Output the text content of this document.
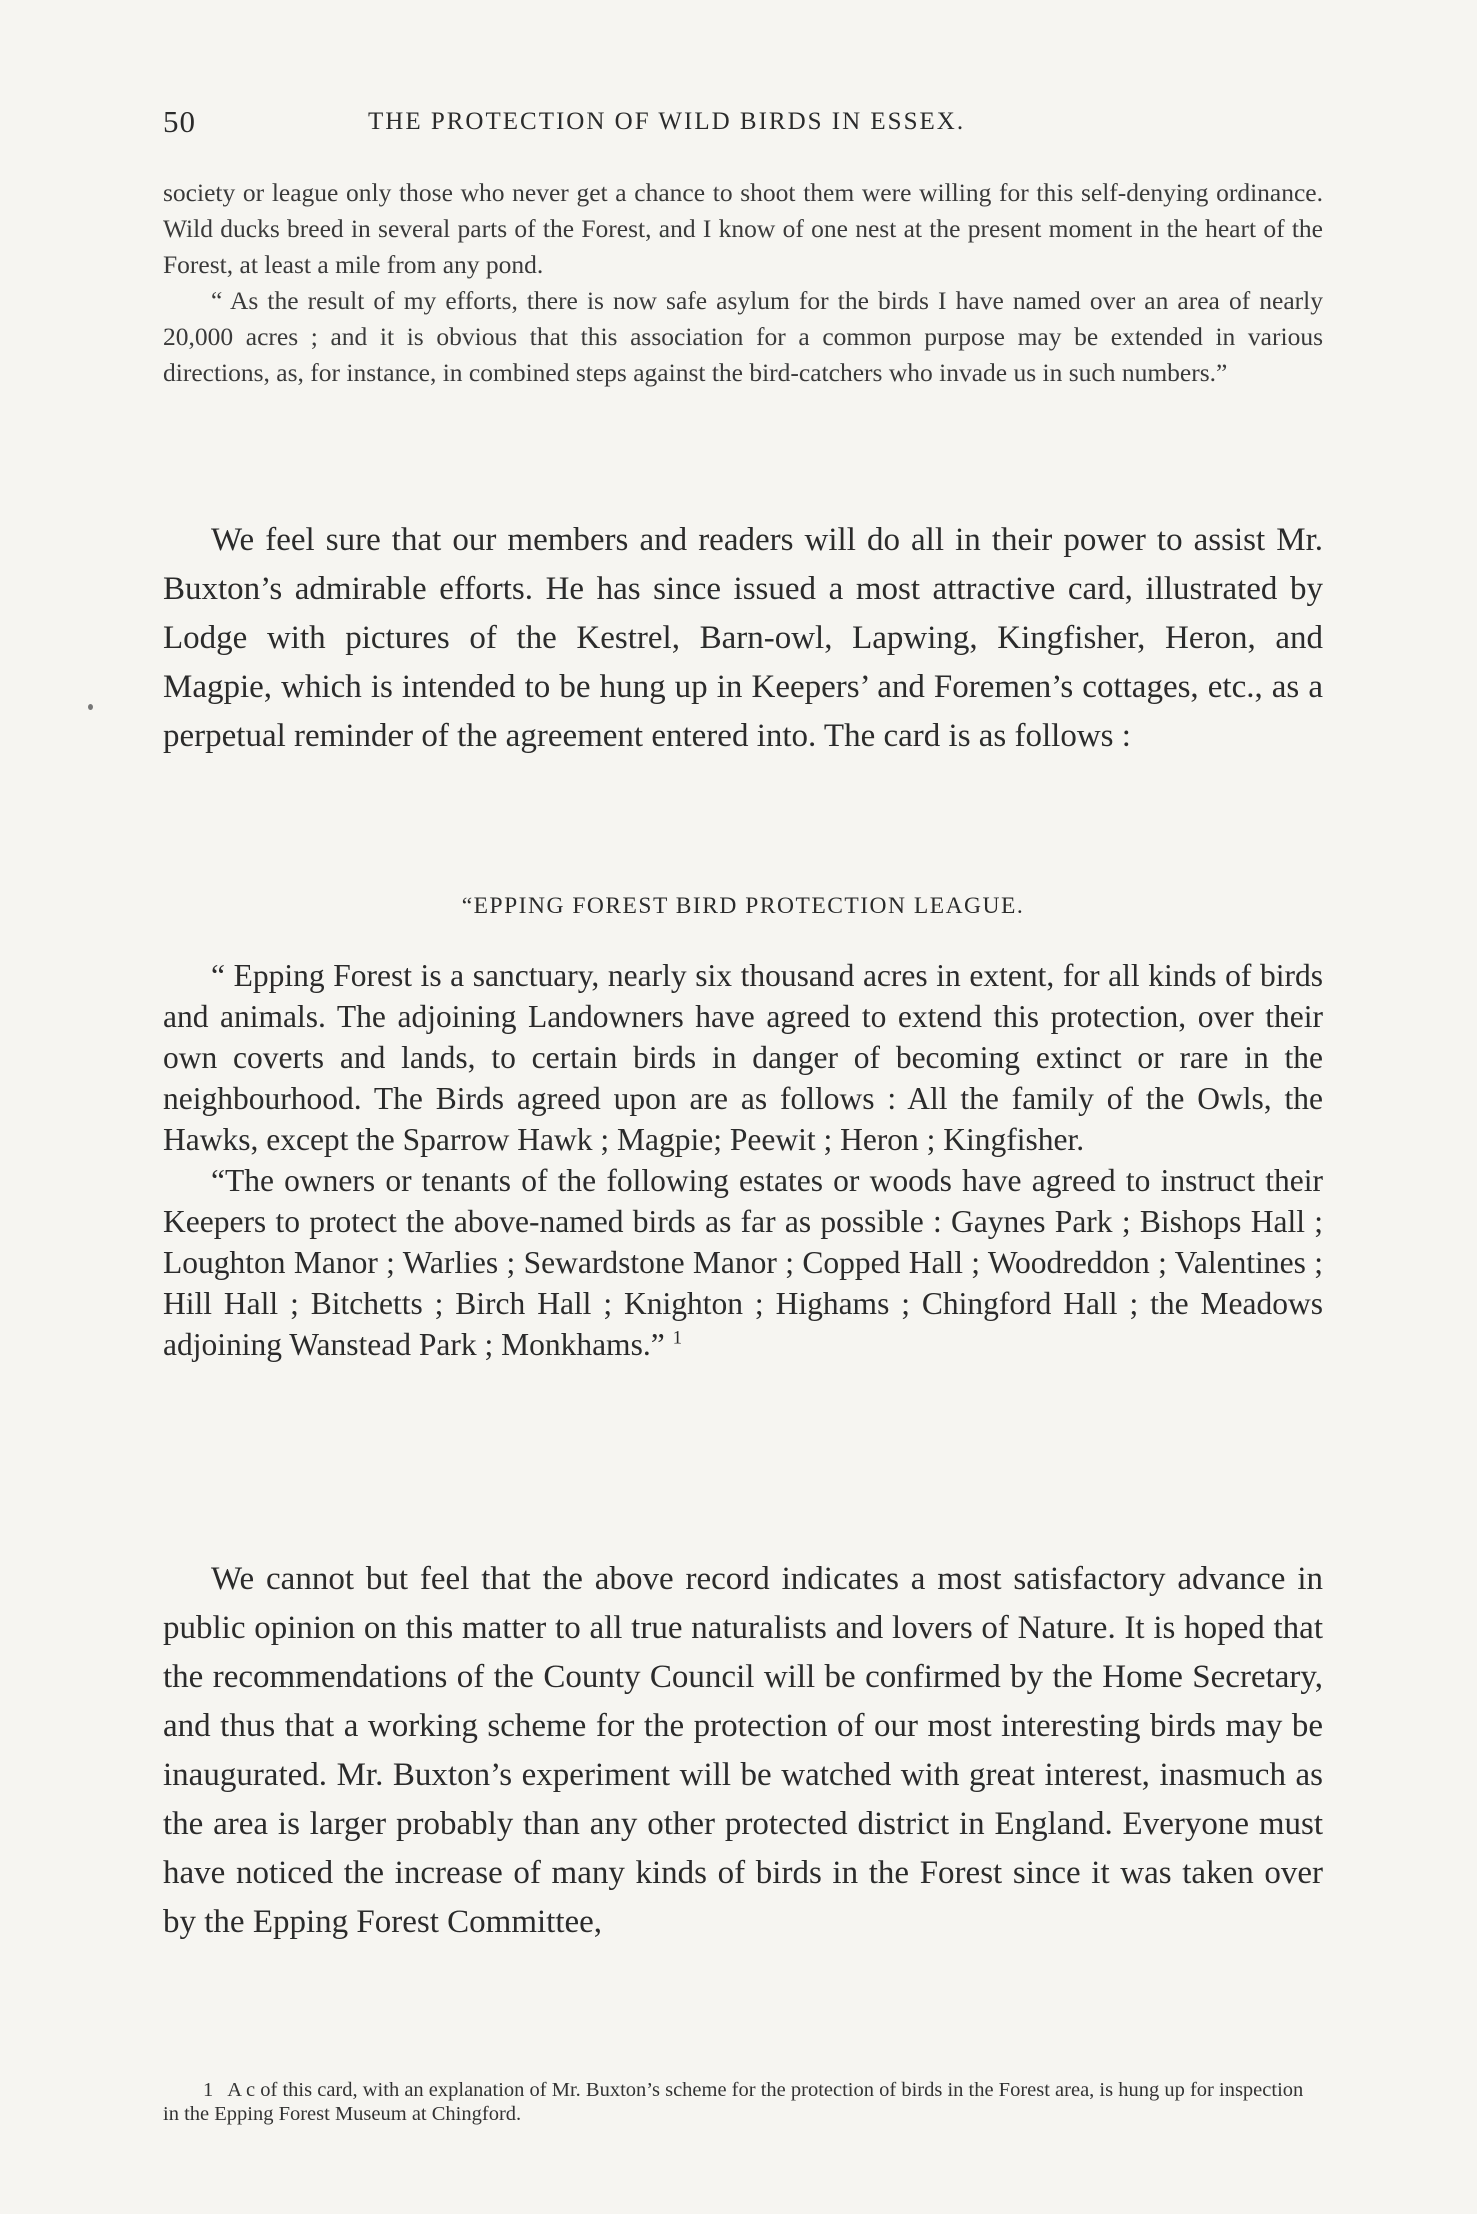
50	THE PROTECTION OF WILD BIRDS IN ESSEX.

society or league only those who never get a chance to shoot them were willing for this self-denying ordinance. Wild ducks breed in several parts of the Forest, and I know of one nest at the present moment in the heart of the Forest, at least a mile from any pond.

“ As the result of my efforts, there is now safe asylum for the birds I have named over an area of nearly 20,000 acres ; and it is obvious that this association for a common purpose may be extended in various directions, as, for instance, in combined steps against the bird-catchers who invade us in such numbers.”

We feel sure that our members and readers will do all in their power to assist Mr. Buxton’s admirable efforts. He has since issued a most attractive card, illustrated by Lodge with pictures of the Kestrel, Barn-owl, Lapwing, Kingfisher, Heron, and Magpie, which is intended to be hung up in Keepers’ and Foremen’s cottages, etc., as a perpetual reminder of the agreement entered into. The card is as follows :

“EPPING FOREST BIRD PROTECTION LEAGUE.

“ Epping Forest is a sanctuary, nearly six thousand acres in extent, for all kinds of birds and animals. The adjoining Landowners have agreed to extend this protection, over their own coverts and lands, to certain birds in danger of becoming extinct or rare in the neighbourhood. The Birds agreed upon are as follows : All the family of the Owls, the Hawks, except the Sparrow Hawk ; Magpie; Peewit ; Heron ; Kingfisher.

“The owners or tenants of the following estates or woods have agreed to instruct their Keepers to protect the above-named birds as far as possible : Gaynes Park ; Bishops Hall ; Loughton Manor ; Warlies ; Sewardstone Manor ; Copped Hall ; Woodreddon ; Valentines ; Hill Hall ; Bitchetts ; Birch Hall ; Knighton ; Highams ; Chingford Hall ; the Meadows adjoining Wanstead Park ; Monkhams.” $^1$

We cannot but feel that the above record indicates a most satisfactory advance in public opinion on this matter to all true naturalists and lovers of Nature. It is hoped that the recommendations of the County Council will be confirmed by the Home Secretary, and thus that a working scheme for the protection of our most interesting birds may be inaugurated. Mr. Buxton’s experiment will be watched with great interest, inasmuch as the area is larger probably than any other protected district in England. Everyone must have noticed the increase of many kinds of birds in the Forest since it was taken over by the Epping Forest Committee,

1 A c of this card, with an explanation of Mr. Buxton’s scheme for the protection of birds in the Forest area, is hung up for inspection in the Epping Forest Museum at Chingford.
